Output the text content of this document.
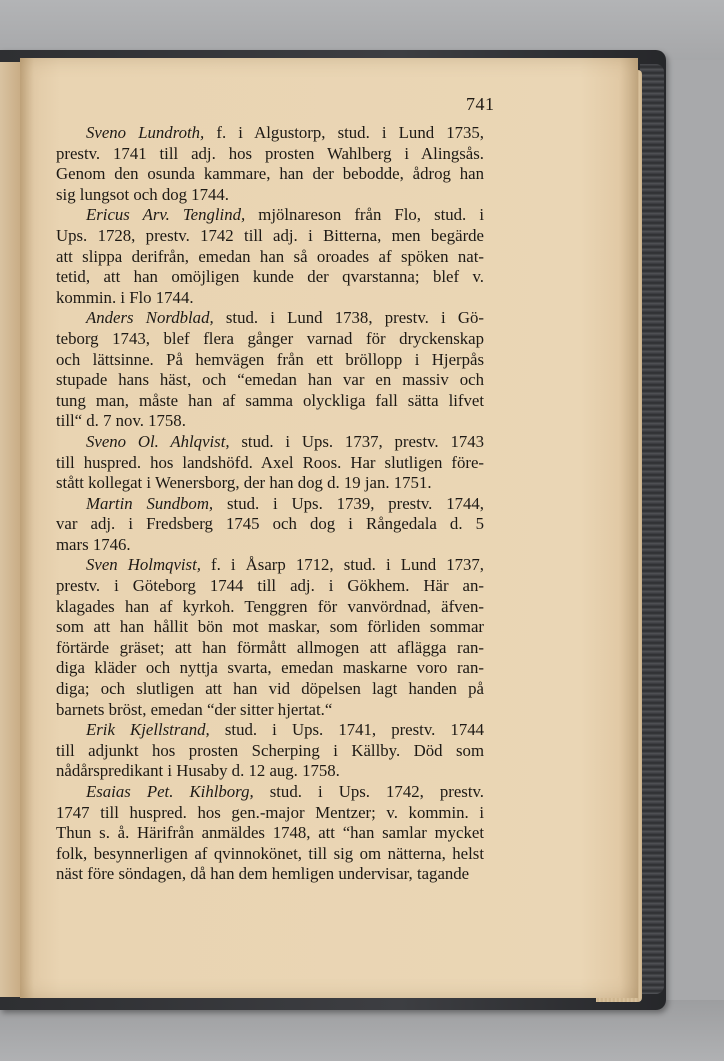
741
Sveno Lundroth, f. i Algustorp, stud. i Lund 1735,
prestv. 1741 till adj. hos prosten Wahlberg i Alingsås.
Genom den osunda kammare, han der bebodde, ådrog han
sig lungsot och dog 1744.
Ericus Arv. Tenglind, mjölnareson från Flo, stud. i
Ups. 1728, prestv. 1742 till adj. i Bitterna, men begärde
att slippa derifrån, emedan han så oroades af spöken nat-
tetid, att han omöjligen kunde der qvarstanna; blef v.
kommin. i Flo 1744.
Anders Nordblad, stud. i Lund 1738, prestv. i Gö-
teborg 1743, blef flera gånger varnad för dryckenskap
och lättsinne. På hemvägen från ett bröllopp i Hjerpås
stupade hans häst, och “emedan han var en massiv och
tung man, måste han af samma olyckliga fall sätta lifvet
till“ d. 7 nov. 1758.
Sveno Ol. Ahlqvist, stud. i Ups. 1737, prestv. 1743
till huspred. hos landshöfd. Axel Roos. Har slutligen före-
stått kollegat i Wenersborg, der han dog d. 19 jan. 1751.
Martin Sundbom, stud. i Ups. 1739, prestv. 1744,
var adj. i Fredsberg 1745 och dog i Rångedala d. 5
mars 1746.
Sven Holmqvist, f. i Åsarp 1712, stud. i Lund 1737,
prestv. i Göteborg 1744 till adj. i Gökhem. Här an-
klagades han af kyrkoh. Tenggren för vanvördnad, äfven-
som att han hållit bön mot maskar, som förliden sommar
förtärde gräset; att han förmått allmogen att aflägga ran-
diga kläder och nyttja svarta, emedan maskarne voro ran-
diga; och slutligen att han vid döpelsen lagt handen på
barnets bröst, emedan “der sitter hjertat.“
Erik Kjellstrand, stud. i Ups. 1741, prestv. 1744
till adjunkt hos prosten Scherping i Källby. Död som
nådårspredikant i Husaby d. 12 aug. 1758.
Esaias Pet. Kihlborg, stud. i Ups. 1742, prestv.
1747 till huspred. hos gen.-major Mentzer; v. kommin. i
Thun s. å. Härifrån anmäldes 1748, att “han samlar mycket
folk, besynnerligen af qvinnokönet, till sig om nätterna, helst
näst före söndagen, då han dem hemligen undervisar, tagande
